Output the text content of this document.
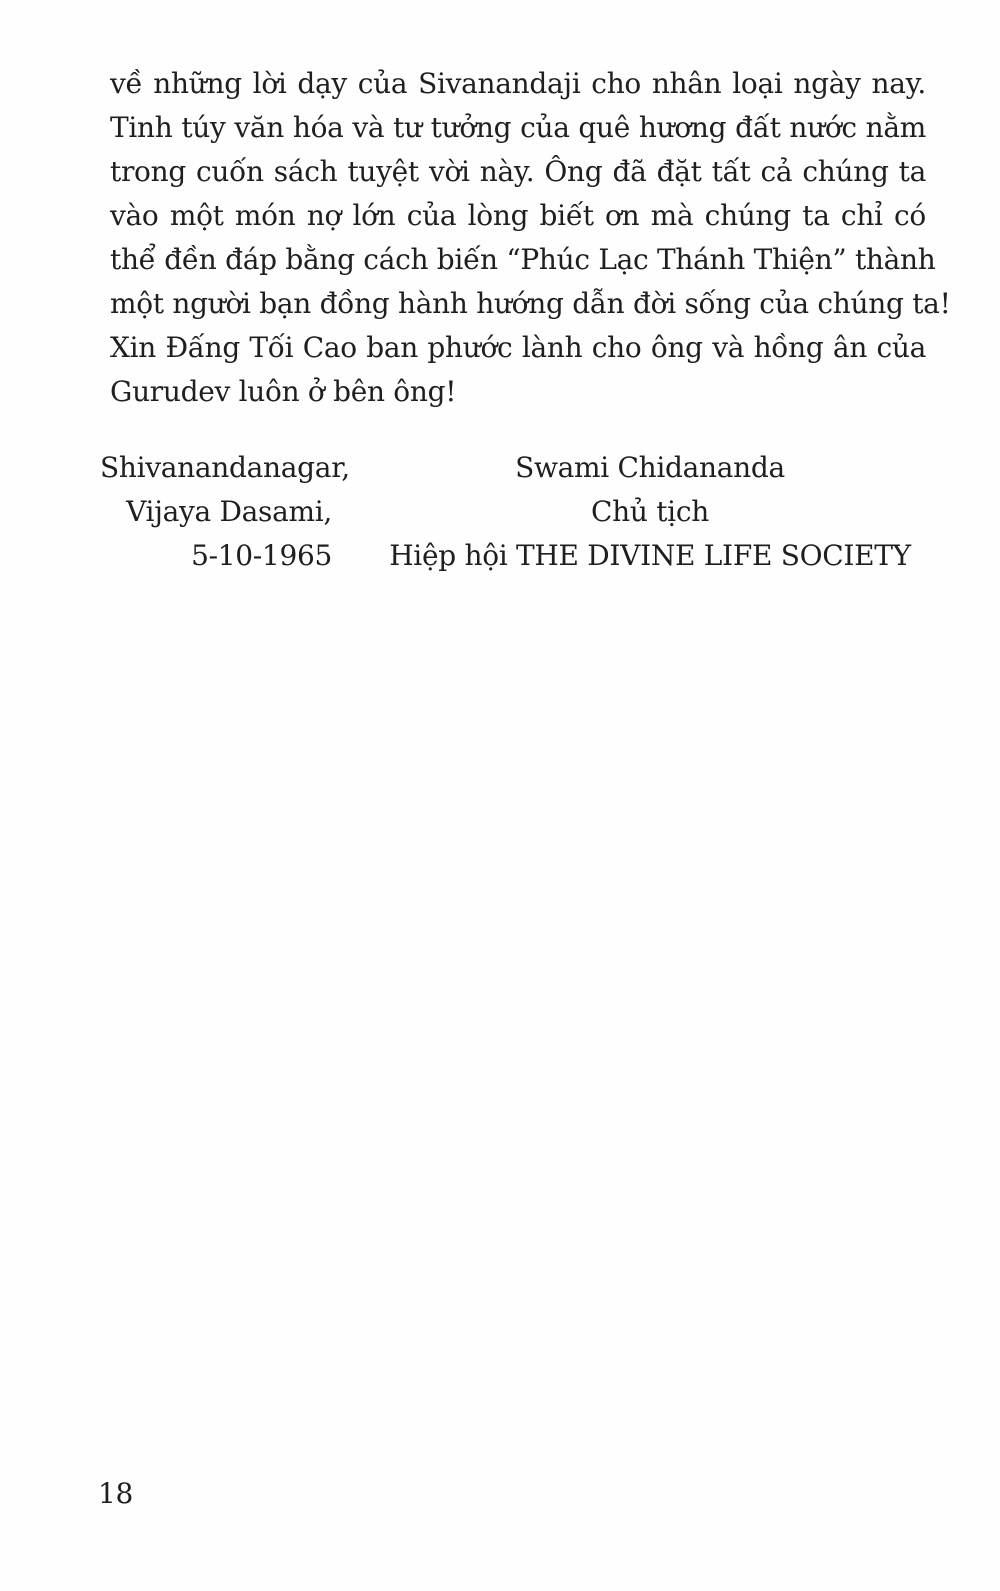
về những lời dạy của Sivanandaji cho nhân loại ngày nay.
Tinh túy văn hóa và tư tưởng của quê hương đất nước nằm
trong cuốn sách tuyệt vời này. Ông đã đặt tất cả chúng ta
vào một món nợ lớn của lòng biết ơn mà chúng ta chỉ có
thể đền đáp bằng cách biến “Phúc Lạc Thánh Thiện” thành
một người bạn đồng hành hướng dẫn đời sống của chúng ta!
Xin Đấng Tối Cao ban phước lành cho ông và hồng ân của
Gurudev luôn ở bên ông!
Shivanandanagar,
Vijaya Dasami,
5-10-1965
Swami Chidananda
Chủ tịch
Hiệp hội THE DIVINE LIFE SOCIETY
18
